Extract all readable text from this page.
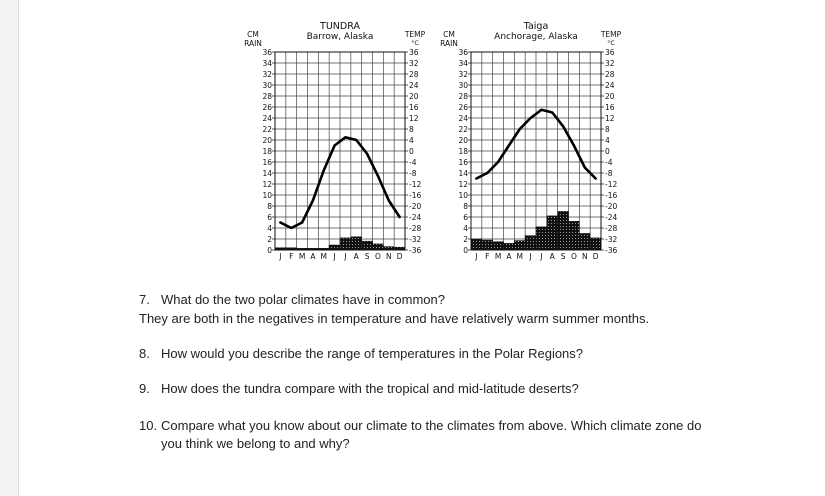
TUNDRA
Barrow, Alaska
CM
RAIN
TEMP
°C
36
34
32
30
28
26
24
22
20
18
16
14
12
10
8
6
4
2
0
36
32
28
24
20
16
12
8
4
0
-4
-8
-12
-16
-20
-24
-28
-32
-36
J F M A M J J A S O N D
Taiga
Anchorage, Alaska
CM
RAIN
TEMP
°C
36
34
32
30
28
26
24
22
20
18
16
14
12
10
8
6
4
2
0
36
32
28
24
20
16
12
8
4
0
-4
-8
-12
-16
-20
-24
-28
-32
-36
J F M A M J J A S O N D
7. What do the two polar climates have in common?
They are both in the negatives in temperature and have relatively warm summer months.
8. How would you describe the range of temperatures in the Polar Regions?
9. How does the tundra compare with the tropical and mid-latitude deserts?
10. Compare what you know about our climate to the climates from above. Which climate zone do
you think we belong to and why?
